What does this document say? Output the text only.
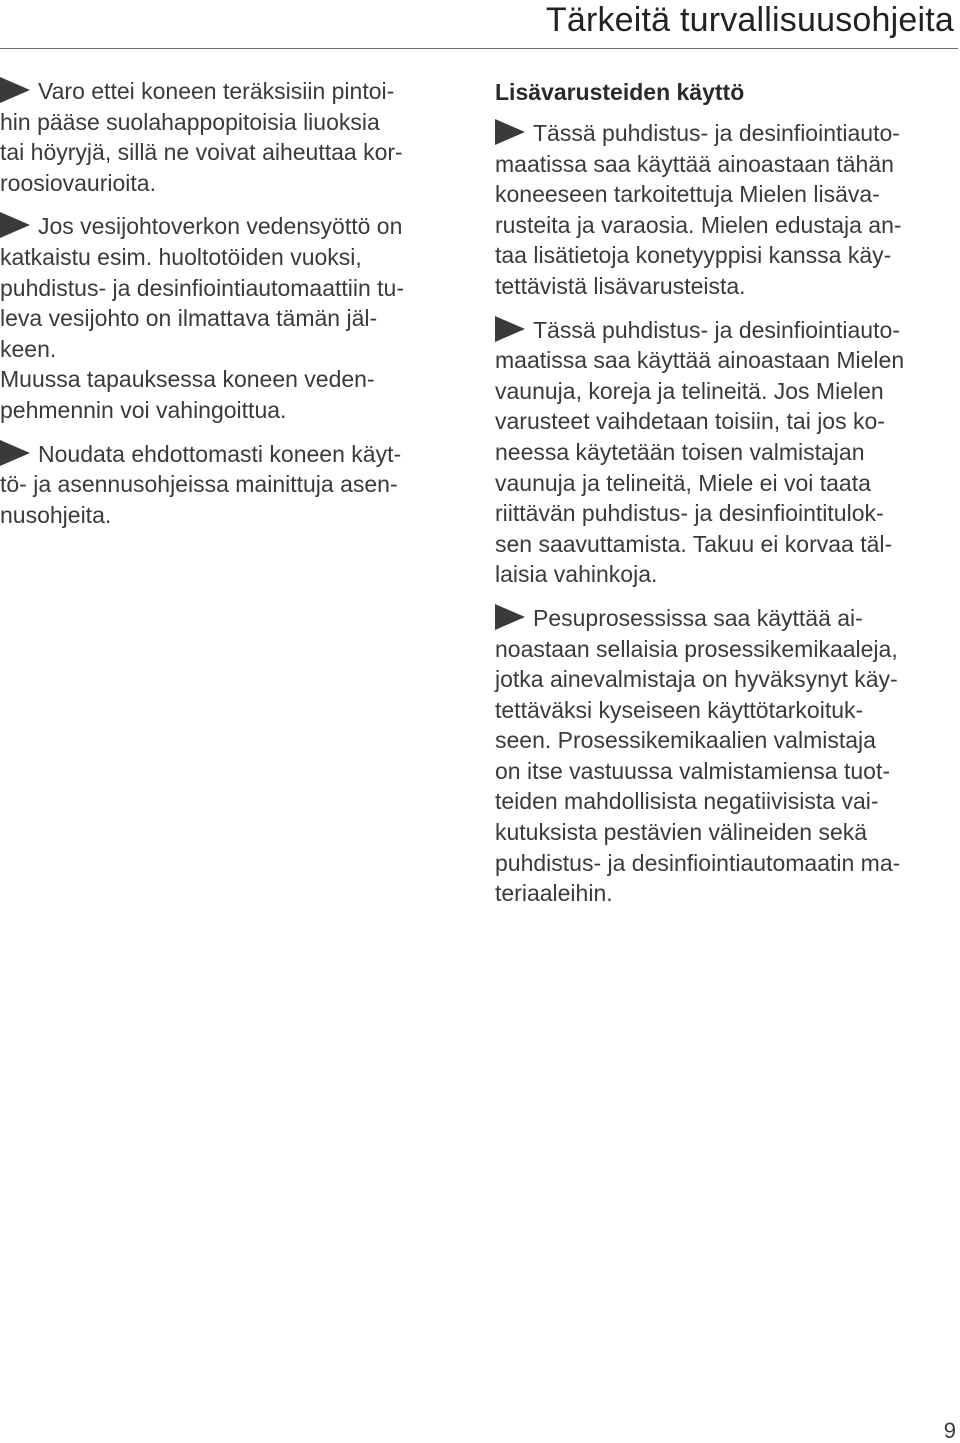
Tärkeitä turvallisuusohjeita

Varo ettei koneen teräksisiin pintoi-
hin pääse suolahappopitoisia liuoksia
tai höyryjä, sillä ne voivat aiheuttaa kor-
roosiovaurioita.

Jos vesijohtoverkon vedensyöttö on
katkaistu esim. huoltotöiden vuoksi,
puhdistus- ja desinfiointiautomaattiin tu-
leva vesijohto on ilmattava tämän jäl-
keen.
Muussa tapauksessa koneen veden-
pehmennin voi vahingoittua.

Noudata ehdottomasti koneen käyt-
tö- ja asennusohjeissa mainittuja asen-
nusohjeita.

Lisävarusteiden käyttö

Tässä puhdistus- ja desinfiointiauto-
maatissa saa käyttää ainoastaan tähän
koneeseen tarkoitettuja Mielen lisäva-
rusteita ja varaosia. Mielen edustaja an-
taa lisätietoja konetyyppisi kanssa käy-
tettävistä lisävarusteista.

Tässä puhdistus- ja desinfiointiauto-
maatissa saa käyttää ainoastaan Mielen
vaunuja, koreja ja telineitä. Jos Mielen
varusteet vaihdetaan toisiin, tai jos ko-
neessa käytetään toisen valmistajan
vaunuja ja telineitä, Miele ei voi taata
riittävän puhdistus- ja desinfiointitulok-
sen saavuttamista. Takuu ei korvaa täl-
laisia vahinkoja.

Pesuprosessissa saa käyttää ai-
noastaan sellaisia prosessikemikaaleja,
jotka ainevalmistaja on hyväksynyt käy-
tettäväksi kyseiseen käyttötarkoituk-
seen. Prosessikemikaalien valmistaja
on itse vastuussa valmistamiensa tuot-
teiden mahdollisista negatiivisista vai-
kutuksista pestävien välineiden sekä
puhdistus- ja desinfiointiautomaatin ma-
teriaaleihin.

9
